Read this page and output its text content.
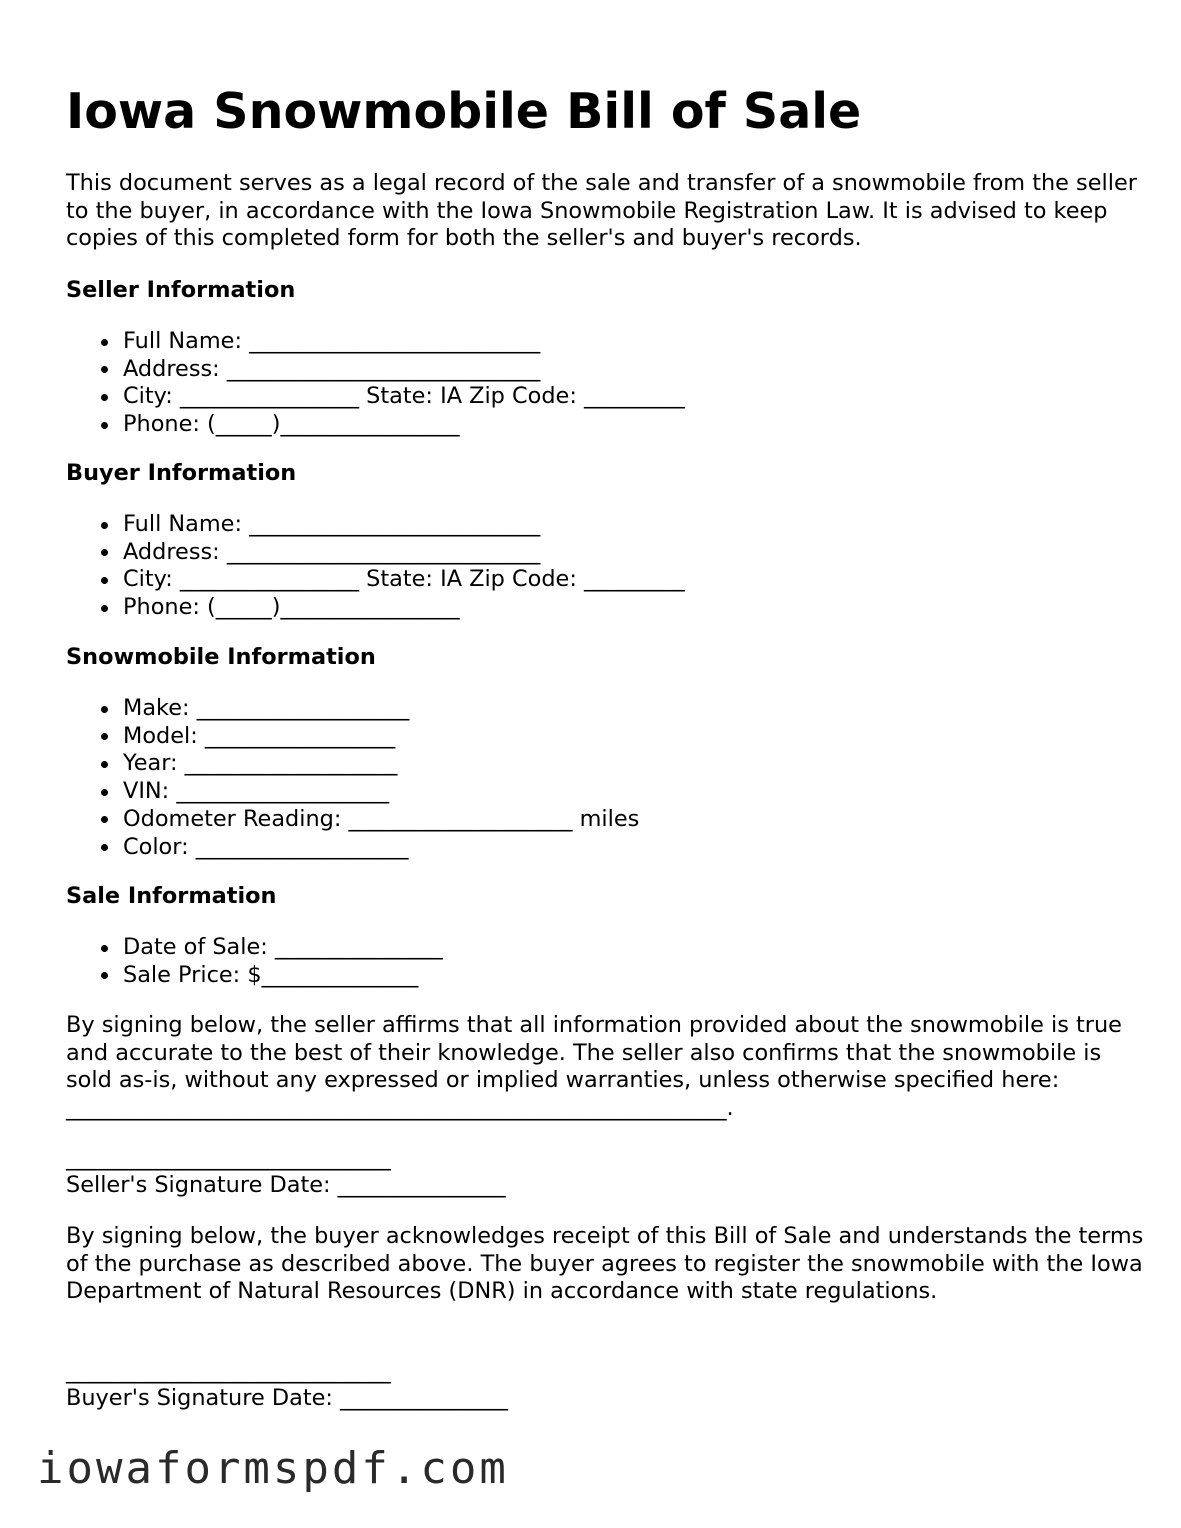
Iowa Snowmobile Bill of Sale

This document serves as a legal record of the sale and transfer of a snowmobile from the seller to the buyer, in accordance with the Iowa Snowmobile Registration Law. It is advised to keep copies of this completed form for both the seller's and buyer's records.

Seller Information
Full Name: __________________________
Address: ____________________________
City: ________________ State: IA Zip Code: _________
Phone: (_____)________________
Buyer Information
Full Name: __________________________
Address: ____________________________
City: ________________ State: IA Zip Code: _________
Phone: (_____)________________
Snowmobile Information
Make: ___________________
Model: _________________
Year: ___________________
VIN: ___________________
Odometer Reading: ____________________ miles
Color: ___________________
Sale Information
Date of Sale: _______________
Sale Price: $______________

By signing below, the seller affirms that all information provided about the snowmobile is true and accurate to the best of their knowledge. The seller also confirms that the snowmobile is sold as-is, without any expressed or implied warranties, unless otherwise specified here: ___________________________________________________________.

_____________________________
Seller's Signature Date: _______________

By signing below, the buyer acknowledges receipt of this Bill of Sale and understands the terms of the purchase as described above. The buyer agrees to register the snowmobile with the Iowa Department of Natural Resources (DNR) in accordance with state regulations.

_____________________________
Buyer's Signature Date: _______________
iowaformspdf.com
